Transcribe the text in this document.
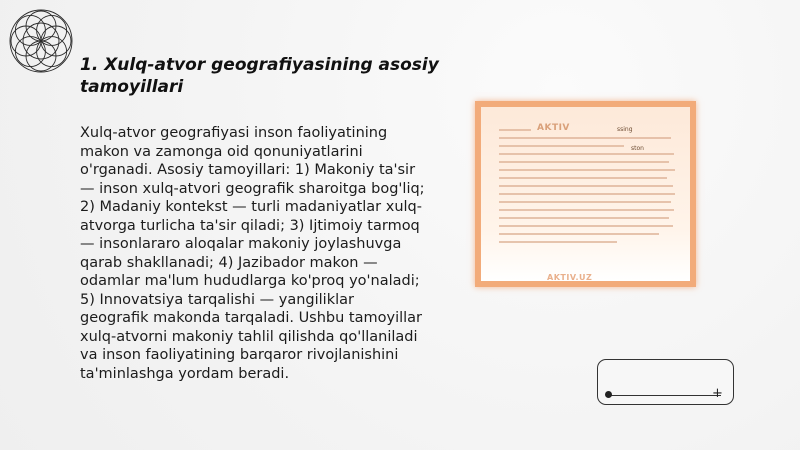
1. Xulq-atvor geografiyasining asosiy tamoyillari
Xulq-atvor geografiyasi inson faoliyatining makon va zamonga oid qonuniyatlarini o'rganadi. Asosiy tamoyillari: 1) Makoniy ta'sir — inson xulq-atvori geografik sharoitga bog'liq; 2) Madaniy kontekst — turli madaniyatlar xulq-atvorga turlicha ta'sir qiladi; 3) Ijtimoiy tarmoq — insonlararo aloqalar makoniy joylashuvga qarab shakllanadi; 4) Jazibador makon — odamlar ma'lum hududlarga ko'proq yo'naladi; 5) Innovatsiya tarqalishi — yangiliklar geografik makonda tarqaladi. Ushbu tamoyillar xulq-atvorni makoniy tahlil qilishda qo'llaniladi va inson faoliyatining barqaror rivojlanishini ta'minlashga yordam beradi.
AKTIV	ssing
ston
AKTIV.UZ
+
